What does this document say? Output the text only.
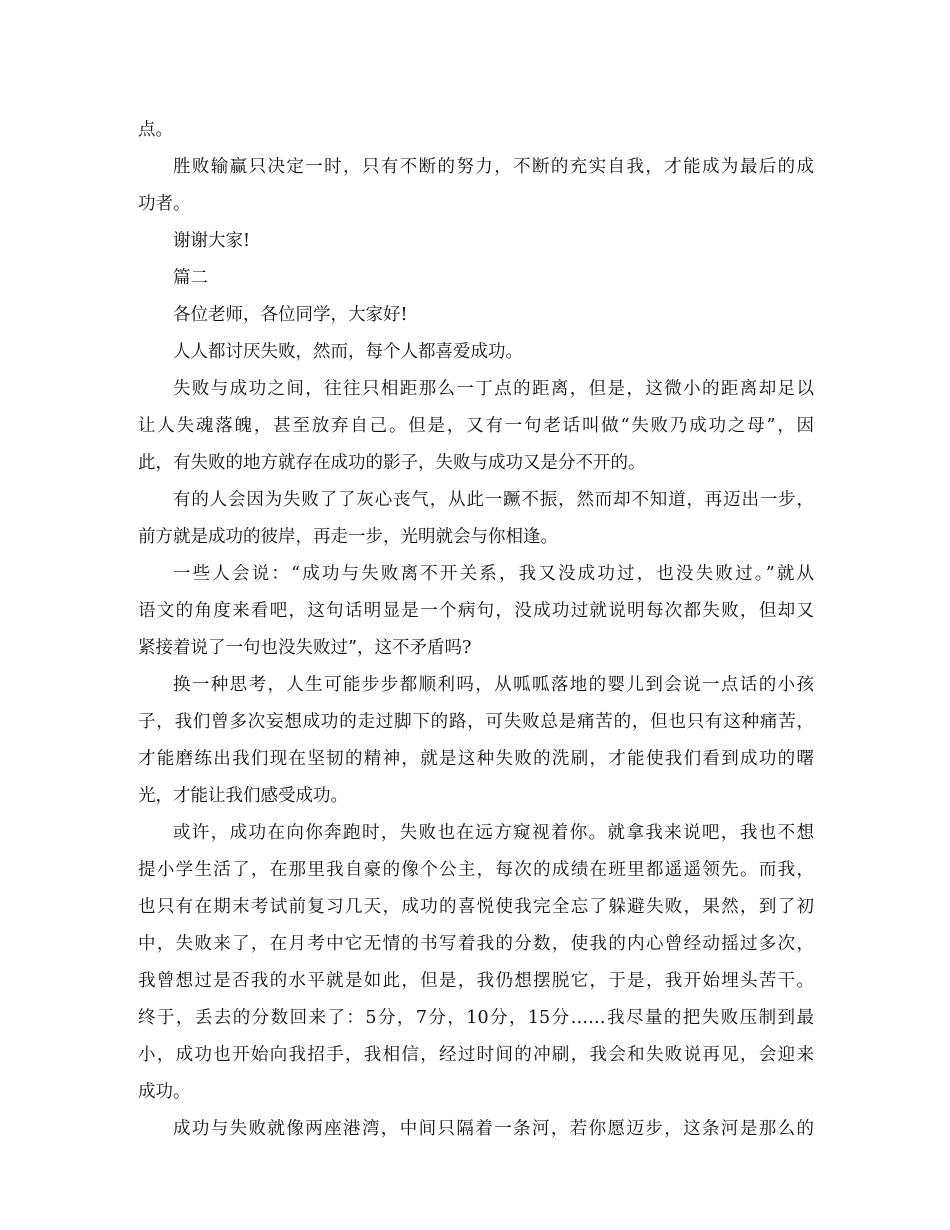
点。
胜败输赢只决定一时，只有不断的努力，不断的充实自我，才能成为最后的成
功者。
谢谢大家!
篇二
各位老师，各位同学，大家好!
人人都讨厌失败，然而，每个人都喜爱成功。
失败与成功之间，往往只相距那么一丁点的距离，但是，这微小的距离却足以
让人失魂落魄，甚至放弃自己。但是，又有一句老话叫做“失败乃成功之母”，因
此，有失败的地方就存在成功的影子，失败与成功又是分不开的。
有的人会因为失败了了灰心丧气，从此一蹶不振，然而却不知道，再迈出一步，
前方就是成功的彼岸，再走一步，光明就会与你相逢。
一些人会说：“成功与失败离不开关系，我又没成功过，也没失败过。”就从
语文的角度来看吧，这句话明显是一个病句，没成功过就说明每次都失败，但却又
紧接着说了一句也没失败过”，这不矛盾吗?
换一种思考，人生可能步步都顺利吗，从呱呱落地的婴儿到会说一点话的小孩
子，我们曾多次妄想成功的走过脚下的路，可失败总是痛苦的，但也只有这种痛苦，
才能磨练出我们现在坚韧的精神，就是这种失败的洗刷，才能使我们看到成功的曙
光，才能让我们感受成功。
或许，成功在向你奔跑时，失败也在远方窥视着你。就拿我来说吧，我也不想
提小学生活了，在那里我自豪的像个公主，每次的成绩在班里都遥遥领先。而我，
也只有在期末考试前复习几天，成功的喜悦使我完全忘了躲避失败，果然，到了初
中，失败来了，在月考中它无情的书写着我的分数，使我的内心曾经动摇过多次，
我曾想过是否我的水平就是如此，但是，我仍想摆脱它，于是，我开始埋头苦干。
终于，丢去的分数回来了：5分，7分，10分，15分……我尽量的把失败压制到最
小，成功也开始向我招手，我相信，经过时间的冲刷，我会和失败说再见，会迎来
成功。
成功与失败就像两座港湾，中间只隔着一条河，若你愿迈步，这条河是那么的
